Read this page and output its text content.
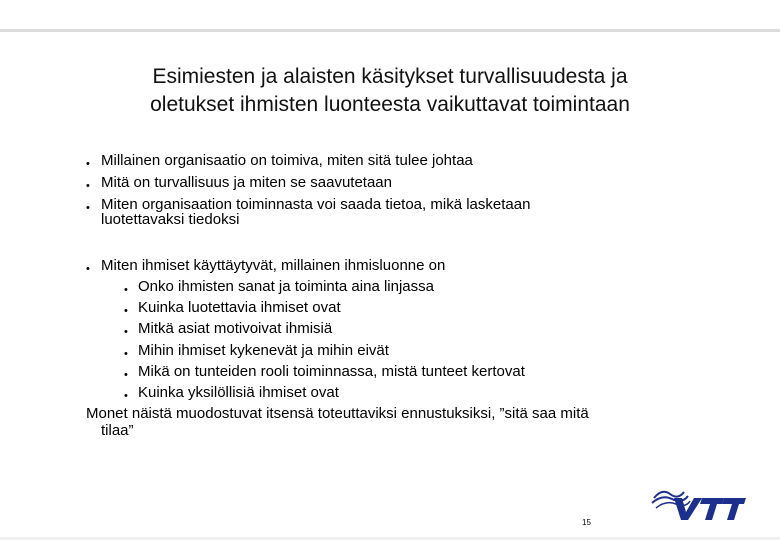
Esimiesten ja alaisten käsitykset turvallisuudesta ja
oletukset ihmisten luonteesta vaikuttavat toimintaan
• Millainen organisaatio on toimiva, miten sitä tulee johtaa
• Mitä on turvallisuus ja miten se saavutetaan
• Miten organisaation toiminnasta voi saada tietoa, mikä lasketaan
luotettavaksi tiedoksi
• Miten ihmiset käyttäytyvät, millainen ihmisluonne on
• Onko ihmisten sanat ja toiminta aina linjassa
• Kuinka luotettavia ihmiset ovat
• Mitkä asiat motivoivat ihmisiä
• Mihin ihmiset kykenevät ja mihin eivät
• Mikä on tunteiden rooli toiminnassa, mistä tunteet kertovat
• Kuinka yksilöllisiä ihmiset ovat
Monet näistä muodostuvat itsensä toteuttaviksi ennustuksiksi, ”sitä saa mitä
tilaa”
15
